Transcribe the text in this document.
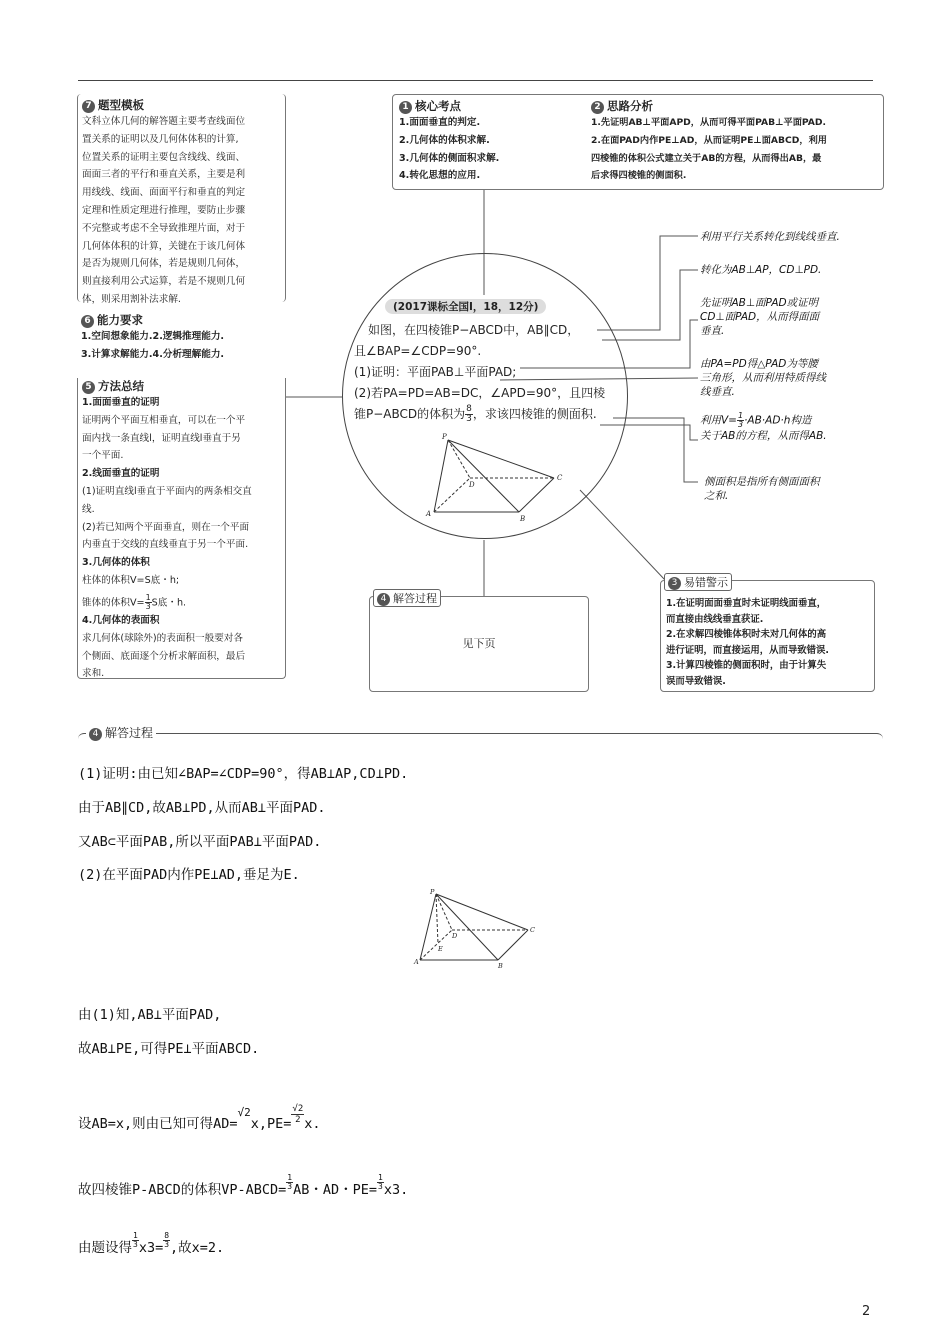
7 题型模板
文科立体几何的解答题主要考查线面位
置关系的证明以及几何体体积的计算,
位置关系的证明主要包含线线、线面、
面面三者的平行和垂直关系，主要是利
用线线、线面、面面平行和垂直的判定
定理和性质定理进行推理，要防止步骤
不完整或考虑不全导致推理片面，对于
几何体体积的计算，关键在于该几何体
是否为规则几何体，若是规则几何体，
则直接利用公式运算，若是不规则几何
体，则采用割补法求解.
6 能力要求
1.空间想象能力.2.逻辑推理能力.
3.计算求解能力.4.分析理解能力.
5 方法总结
1.面面垂直的证明
证明两个平面互相垂直，可以在一个平
面内找一条直线l，证明直线l垂直于另
一个平面.
2.线面垂直的证明
(1)证明直线l垂直于平面内的两条相交直
线.
(2)若已知两个平面垂直，则在一个平面
内垂直于交线的直线垂直于另一个平面.
3.几何体的体积
柱体的体积V=S底・h;
锥体的体积$V= \frac{1}{3}$ S底・h.
4.几何体的表面积
求几何体(球除外)的表面积一般要对各
个侧面、底面逐个分析求解面积，最后
求和.
1 核心考点
1.面面垂直的判定.
2.几何体的体积求解.
3.几何体的侧面积求解.
4.转化思想的应用.
2 思路分析
1.先证明AB⊥平面APD，从而可得平面PAB⊥平面PAD.
2.在面PAD内作PE⊥AD，从而证明PE⊥面ABCD，利用
四棱锥的体积公式建立关于AB的方程，从而得出AB，最
后求得四棱锥的侧面积.
(2017课标全国Ⅰ，18，12分)
如图，在四棱锥P−ABCD中，AB∥CD，
且∠BAP=∠CDP=90°.
(1)证明：平面PAB⊥平面PAD;
(2)若PA=PD=AB=DC，∠APD=90°，且四棱
锥P−ABCD的体积为 $\frac{8}{3}$ ，求该四棱锥的侧面积.
P
A
B
C
D
4 解答过程
见下页
3 易错警示
1.在证明面面垂直时未证明线面垂直，
而直接由线线垂直获证.
2.在求解四棱锥体积时未对几何体的高
进行证明，而直接运用，从而导致错误.
3.计算四棱锥的侧面积时，由于计算失
误而导致错误.
利用平行关系转化到线线垂直.
转化为AB⊥AP，CD⊥PD.
先证明AB⊥面PAD或证明
CD⊥面PAD，从而得面面
垂直.
由PA=PD得△PAD为等腰
三角形，从而利用特质得线
线垂直.
利用$V= \frac{1}{3} \cdot AB\cdot AD\cdot h$构造
关于AB的方程，从而得AB.
侧面积是指所有侧面面积
之和.
4 解答过程
(1)证明:由已知∠BAP=∠CDP=90°，得AB⊥AP,CD⊥PD.
由于AB∥CD,故AB⊥PD,从而AB⊥平面PAD.
又AB⊂平面PAB,所以平面PAB⊥平面PAD.
(2)在平面PAD内作PE⊥AD,垂足为E.
P
A	B
C
D
E
由(1)知,AB⊥平面PAD,
故AB⊥PE,可得PE⊥平面ABCD.
设AB=x,则由已知可得$AD=^{√2}x,PE= \frac{√2}{2} x$.
故四棱锥P-ABCD的体积VP-ABCD= $\frac{1}{3}$ AB・AD・$PE= \frac{1}{3} x3$.
由题设得 $\frac{1}{3} x3= \frac{8}{3}$ ,故x=2.
2
